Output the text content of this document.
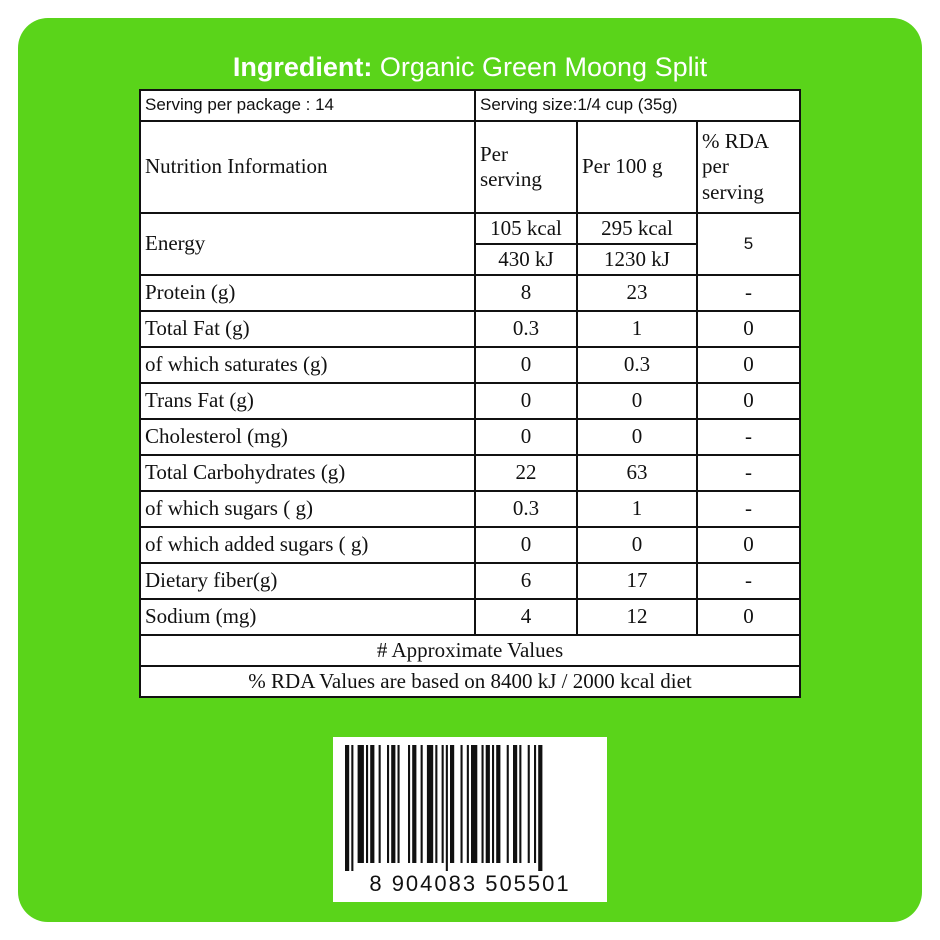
Ingredient: Organic Green Moong Split
Serving per package : 14	Serving size:1/4 cup (35g)		
Nutrition Information	Per serving	Per 100 g	% RDA per serving
Energy	105 kcal	295 kcal	5
	430 kJ	1230 kJ	
Protein (g)	8	23	-
Total Fat (g)	0.3	1	0
of which saturates (g)	0	0.3	0
Trans Fat (g)	0	0	0
Cholesterol (mg)	0	0	-
Total Carbohydrates (g)	22	63	-
of which sugars ( g)	0.3	1	-
of which added sugars ( g)	0	0	0
Dietary fiber(g)	6	17	-
Sodium (mg)	4	12	0
# Approximate Values			
% RDA Values are based on 8400 kJ / 2000 kcal diet			
8 904083 505501
